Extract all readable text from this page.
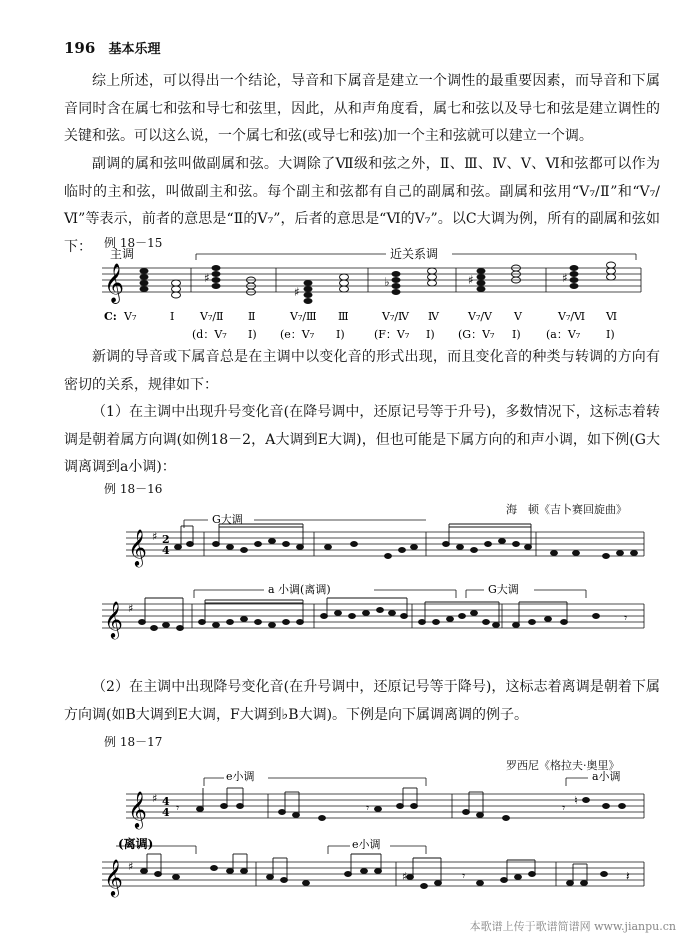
196 基本乐理

综上所述，可以得出一个结论，导音和下属音是建立一个调性的最重要因素，而导音和下属音同时含在属七和弦和导七和弦里，因此，从和声角度看，属七和弦以及导七和弦是建立调性的关键和弦。可以这么说，一个属七和弦(或导七和弦)加一个主和弦就可以建立一个调。

副调的属和弦叫做副属和弦。大调除了Ⅶ级和弦之外，Ⅱ、Ⅲ、Ⅳ、Ⅴ、Ⅵ和弦都可以作为临时的主和弦，叫做副主和弦。每个副主和弦都有自己的副属和弦。副属和弦用“V₇/Ⅱ”和“V₇/Ⅵ”等表示，前者的意思是“Ⅱ的V₇”，后者的意思是“Ⅵ的V₇”。以C大调为例，所有的副属和弦如下：	例 18－15
主调	近关系调
𝄞	♯
♯
♭	♯	♯
C: V₇	I V₇/Ⅱ Ⅱ	V₇/Ⅲ Ⅲ	V₇/Ⅳ Ⅳ	V₇/V V	V₇/Ⅵ Ⅵ
(d：V₇ I) (e：V₇ I)	(F：V₇ I) (G：V₇ I) (a：V₇ I)

新调的导音或下属音总是在主调中以变化音的形式出现，而且变化音的种类与转调的方向有密切的关系，规律如下：

（1）在主调中出现升号变化音(在降号调中，还原记号等于升号)，多数情况下，这标志着转调是朝着属方向调(如例18－2，A大调到E大调)，但也可能是下属方向的和声小调，如下例(G大调离调到a小调)：

例 18－16
海　顿《吉卜赛回旋曲》
G大调
𝄞 ♯ 2
4
a 小调(离调)	G大调
𝄞 ♯
𝄾

（2）在主调中出现降号变化音(在升号调中，还原记号等于降号)，这标志着离调是朝着下属方向调(如B大调到E大调，F大调到♭B大调)。下例是向下属调离调的例子。

例 18－17
罗西尼《格拉夫·奥里》
e小调	a小调
𝄞 ♯ 4
4 𝄾	𝄾	𝄾
♮
(离调)	e小调
𝄞 ♯
♯	𝄾	𝄽
本歌谱上传于歌谱简谱网 www.jianpu.cn
